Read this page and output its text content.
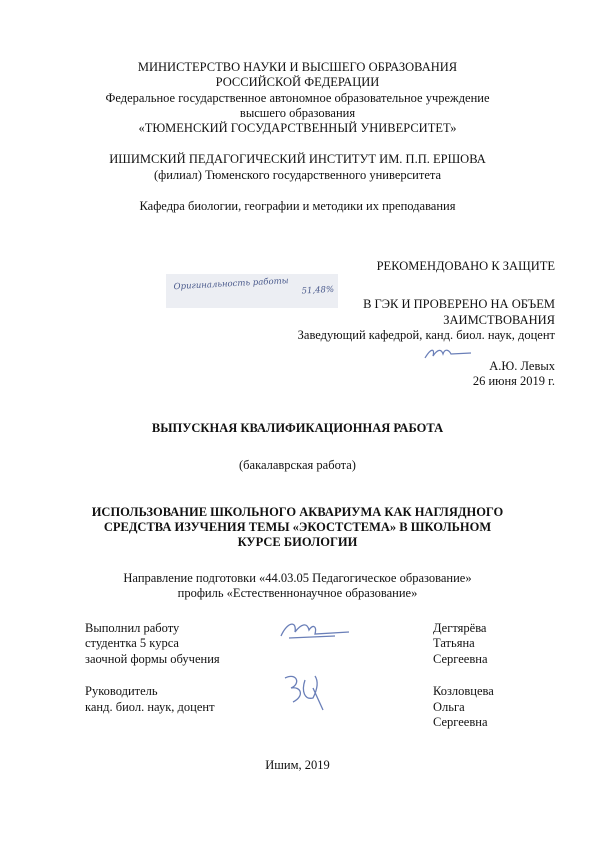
МИНИСТЕРСТВО НАУКИ И ВЫСШЕГО ОБРАЗОВАНИЯ
РОССИЙСКОЙ ФЕДЕРАЦИИ
Федеральное государственное автономное образовательное учреждение
высшего образования
«ТЮМЕНСКИЙ ГОСУДАРСТВЕННЫЙ УНИВЕРСИТЕТ»
ИШИМСКИЙ ПЕДАГОГИЧЕСКИЙ ИНСТИТУТ ИМ. П.П. ЕРШОВА
(филиал) Тюменского государственного университета
Кафедра биологии, географии и методики их преподавания
РЕКОМЕНДОВАНО К ЗАЩИТЕ
Оригинальность работы	51,48%
В ГЭК И ПРОВЕРЕНО НА ОБЪЕМ
ЗАИМСТВОВАНИЯ
Заведующий кафедрой, канд. биол. наук, доцент
А.Ю. Левых
26 июня 2019 г.
ВЫПУСКНАЯ КВАЛИФИКАЦИОННАЯ РАБОТА
(бакалаврская работа)
ИСПОЛЬЗОВАНИЕ ШКОЛЬНОГО АКВАРИУМА КАК НАГЛЯДНОГО
СРЕДСТВА ИЗУЧЕНИЯ ТЕМЫ «ЭКОСТСТЕМА» В ШКОЛЬНОМ
КУРСЕ БИОЛОГИИ
Направление подготовки «44.03.05 Педагогическое образование»
профиль «Естественнонаучное образование»
Выполнил работу
студентка 5 курса
заочной формы обучения
Дегтярёва
Татьяна
Сергеевна
Руководитель
канд. биол. наук, доцент
Козловцева
Ольга
Сергеевна
Ишим, 2019
